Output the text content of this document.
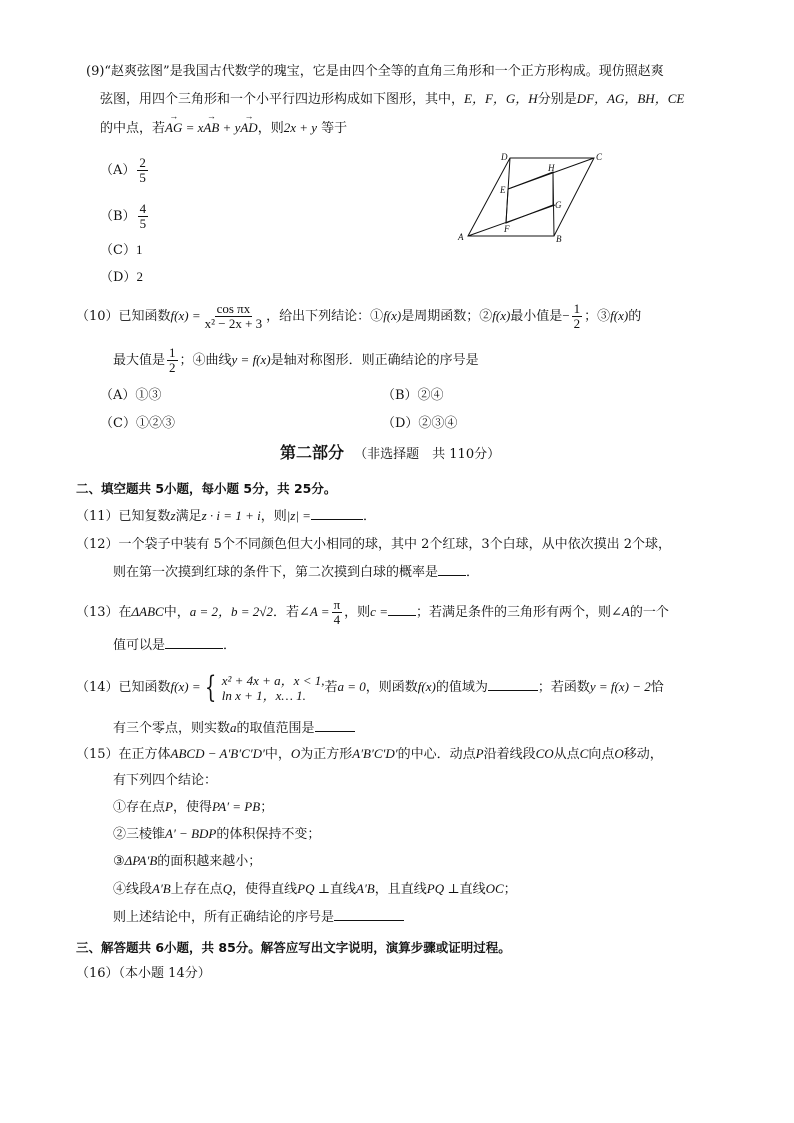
(9)“赵爽弦图”是我国古代数学的瑰宝，它是由四个全等的直角三角形和一个正方形构成。现仿照赵爽
弦图，用四个三角形和一个小平行四边形构成如下图形，其中，E，F，G，H分别是DF，AG，BH，CE
的中点，若→ AG = x→ AB + y→ AD，则2x + y 等于
$(A) \frac{2}{5}$
$(B) \frac{4}{5}$
（C）1
（D）2
A	B
C
D
E
F
G
H
（10）已知函数$f(x) = \frac{\text{cos πx}}{\text{x² − 2x + 3}}$ ，给出下列结论：①f(x)是周期函数；②f(x)最小值是− $\frac{1}{2}$ ；③f(x)的
最大值是 $\frac{1}{2}$ ；④曲线y = f(x)是轴对称图形．则正确结论的序号是
（A）①③	（B）②④
（C）①②③	（D）②③④
第二部分 （非选择题　共 110分）
二、填空题共 5小题，每小题 5分，共 25分。
（11）已知复数z满足z · i = 1 + i，则|z| =	．
（12）一个袋子中装有 5个不同颜色但大小相同的球，其中 2个红球，3个白球，从中依次摸出 2个球，
则在第一次摸到红球的条件下，第二次摸到白球的概率是 ．
（13）在ΔABC中，a = 2，b = 2√2．若∠A = $\frac{\pi}{4}$ ，则c = ；若满足条件的三角形有两个，则∠A的一个
值可以是	．
（14）已知函数f(x) = { x² + 4x + a，x < 1,
ln x + 1，x… 1.	若a = 0，则函数f(x)的值域为	；若函数y = f(x) − 2恰
有三个零点，则实数a的取值范围是
（15）在正方体ABCD − A′B′C′D′中，O为正方形A′B′C′D′的中心．动点P沿着线段CO从点C向点O移动，
有下列四个结论：
①存在点P，使得PA′ = PB；
②三棱锥A′ − BDP的体积保持不变；
③ΔPA′B的面积越来越小；
④线段A′B上存在点Q，使得直线PQ ⊥直线A′B，且直线PQ ⊥直线OC；
则上述结论中，所有正确结论的序号是
三、解答题共 6小题，共 85分。解答应写出文字说明，演算步骤或证明过程。
（16）（本小题 14分）
